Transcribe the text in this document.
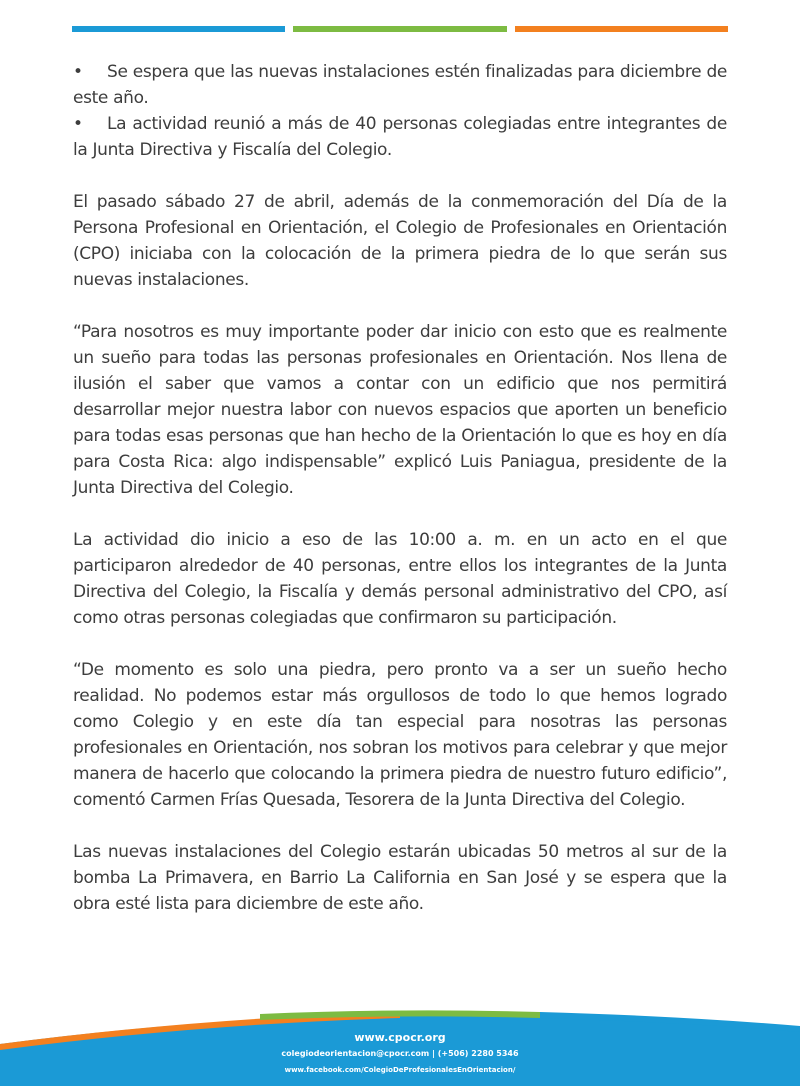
• Se espera que las nuevas instalaciones estén finalizadas para diciembre de este año.

• La actividad reunió a más de 40 personas colegiadas entre integrantes de la Junta Directiva y Fiscalía del Colegio.

El pasado sábado 27 de abril, además de la conmemoración del Día de la Persona Profesional en Orientación, el Colegio de Profesionales en Orientación (CPO) iniciaba con la colocación de la primera piedra de lo que serán sus nuevas instalaciones.

“Para nosotros es muy importante poder dar inicio con esto que es realmente un sueño para todas las personas profesionales en Orientación. Nos llena de ilusión el saber que vamos a contar con un edificio que nos permitirá desarrollar mejor nuestra labor con nuevos espacios que aporten un beneficio para todas esas personas que han hecho de la Orientación lo que es hoy en día para Costa Rica: algo indispensable” explicó Luis Paniagua, presidente de la Junta Directiva del Colegio.

La actividad dio inicio a eso de las 10:00 a. m. en un acto en el que participaron alrededor de 40 personas, entre ellos los integrantes de la Junta Directiva del Colegio, la Fiscalía y demás personal administrativo del CPO, así como otras personas colegiadas que confirmaron su participación.

“De momento es solo una piedra, pero pronto va a ser un sueño hecho realidad. No podemos estar más orgullosos de todo lo que hemos logrado como Colegio y en este día tan especial para nosotras las personas profesionales en Orientación, nos sobran los motivos para celebrar y que mejor manera de hacerlo que colocando la primera piedra de nuestro futuro edificio”, comentó Carmen Frías Quesada, Tesorera de la Junta Directiva del Colegio.

Las nuevas instalaciones del Colegio estarán ubicadas 50 metros al sur de la bomba La Primavera, en Barrio La California en San José y se espera que la obra esté lista para diciembre de este año.

www.cpocr.org
colegiodeorientacion@cpocr.com | (+506) 2280 5346
www.facebook.com/ColegioDeProfesionalesEnOrientacion/
